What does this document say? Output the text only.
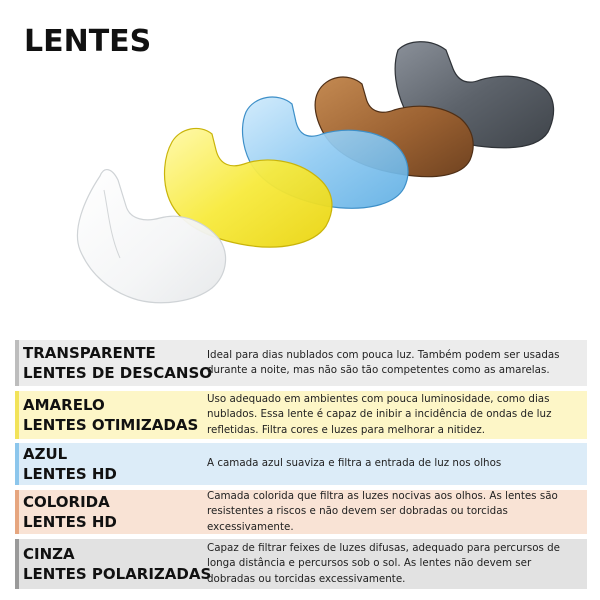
LENTES
TRANSPARENTE
LENTES DE DESCANSO
Ideal para dias nublados com pouca luz. Também podem ser usadas durante a noite, mas não são tão competentes como as amarelas.
AMARELO
LENTES OTIMIZADAS
Uso adequado em ambientes com pouca luminosidade, como dias nublados. Essa lente é capaz de inibir a incidência de ondas de luz refletidas. Filtra cores e luzes para melhorar a nitidez.
AZUL
LENTES HD
A camada azul suaviza e filtra a entrada de luz nos olhos
COLORIDA
LENTES HD
Camada colorida que filtra as luzes nocivas aos olhos. As lentes são resistentes a riscos e não devem ser dobradas ou torcidas excessivamente.
CINZA
LENTES POLARIZADAS
Capaz de filtrar feixes de luzes difusas, adequado para percursos de longa distância e percursos sob o sol. As lentes não devem ser dobradas ou torcidas excessivamente.
